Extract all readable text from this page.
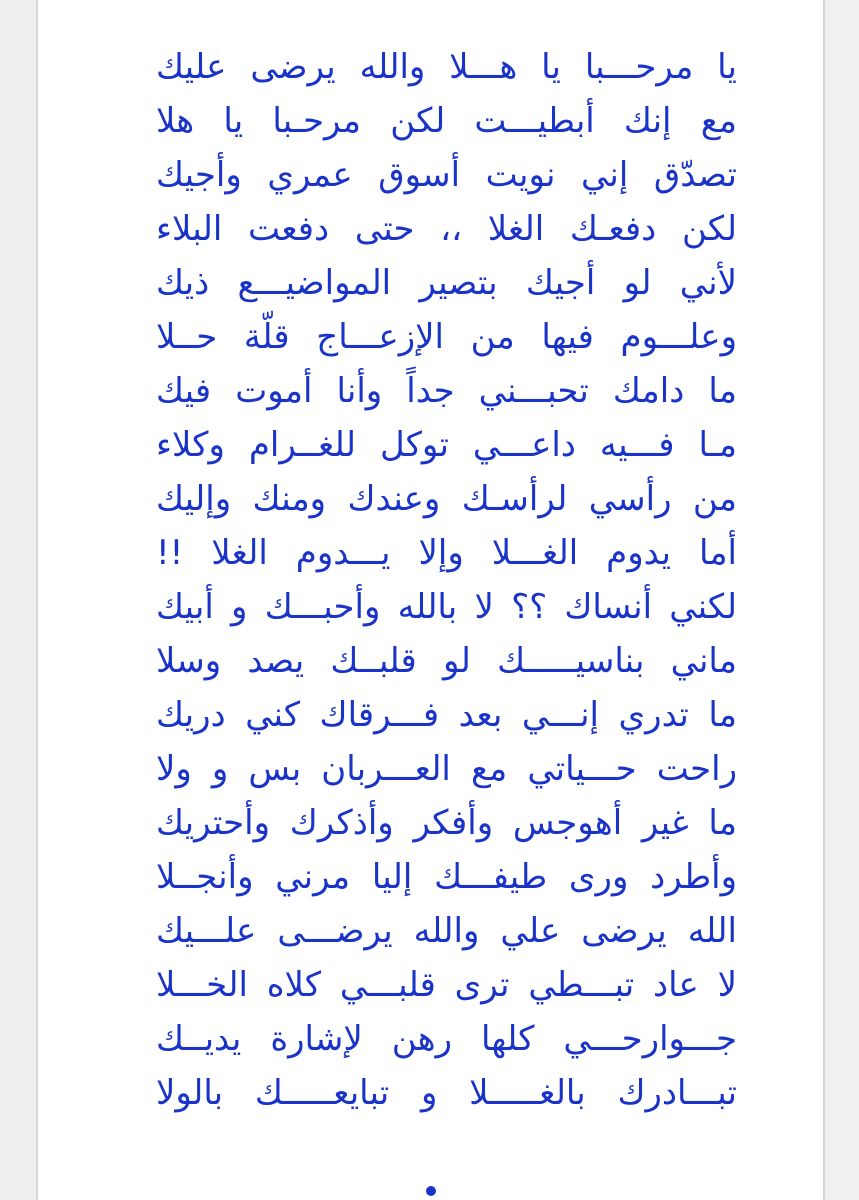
يا مرحـــبا يا هـــلا والله يرضى عليك
مع إنك أبطيـــت لكن مرحـبا يا هلا
تصدّق إني نويت أسوق عمري وأجيك
لكن دفعـك الغلا ،، حتى دفعت البلاء
لأني لو أجيك بتصير المواضيـــع ذيك
وعلـــوم فيها من الإزعـــاج قلّة حــلا
ما دامك تحبـــني جداً وأنا أموت فيك
مـا فـــيه داعـــي توكل للغــرام وكلاء
من رأسي لرأسـك وعندك ومنك وإليك
أما يدوم الغـــلا وإلا يـــدوم الغلا !!
لكني أنساك ؟؟ لا بالله وأحبـــك و أبيك
ماني بناسيـــــك لو قلبــك يصد وسلا
ما تدري إنـــي بعد فـــرقاك كني دريك
راحت حـــياتي مع العـــربان بس و ولا
ما غير أهوجس وأفكر وأذكرك وأحتريك
وأطرد ورى طيفـــك إليا مرني وأنجــلا
الله يرضى علي والله يرضـــى علـــيك
لا عاد تبـــطي ترى قلبـــي كلاه الخـــلا
جـــوارحـــي كلها رهن لإشارة يديــك
تبـــادرك بالغـــــلا و تبايعـــــك بالولا
